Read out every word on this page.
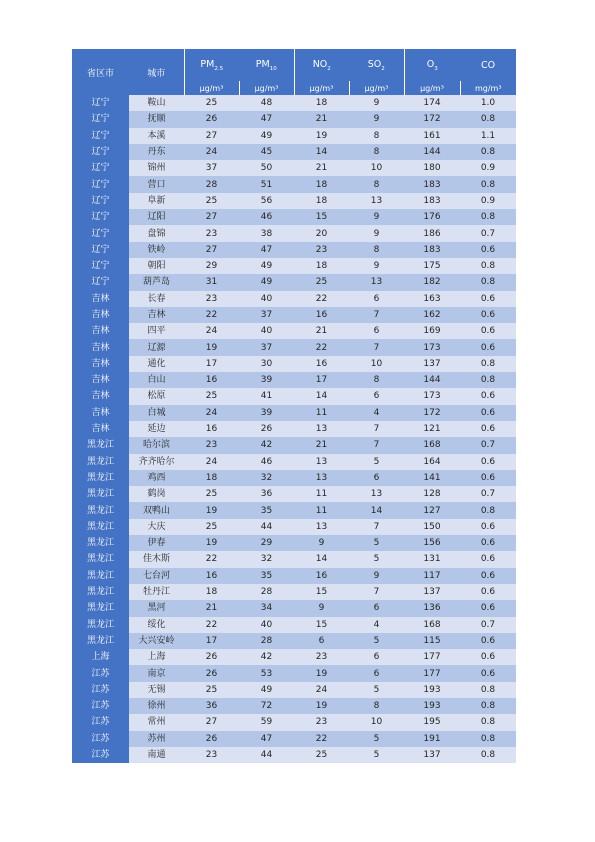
省区市	城市	$PM_{2.5}$	$PM_{10}$	$NO_2$	$SO_2$	$O_3$	CO
		μg/m³	μg/m³	μg/m³	μg/m³	μg/m³	mg/m³
辽宁	鞍山	25	48	18	9	174	1.0
辽宁	抚顺	26	47	21	9	172	0.8
辽宁	本溪	27	49	19	8	161	1.1
辽宁	丹东	24	45	14	8	144	0.8
辽宁	锦州	37	50	21	10	180	0.9
辽宁	营口	28	51	18	8	183	0.8
辽宁	阜新	25	56	18	13	183	0.9
辽宁	辽阳	27	46	15	9	176	0.8
辽宁	盘锦	23	38	20	9	186	0.7
辽宁	铁岭	27	47	23	8	183	0.6
辽宁	朝阳	29	49	18	9	175	0.8
辽宁	葫芦岛	31	49	25	13	182	0.8
吉林	长春	23	40	22	6	163	0.6
吉林	吉林	22	37	16	7	162	0.6
吉林	四平	24	40	21	6	169	0.6
吉林	辽源	19	37	22	7	173	0.6
吉林	通化	17	30	16	10	137	0.8
吉林	白山	16	39	17	8	144	0.8
吉林	松原	25	41	14	6	173	0.6
吉林	白城	24	39	11	4	172	0.6
吉林	延边	16	26	13	7	121	0.6
黑龙江	哈尔滨	23	42	21	7	168	0.7
黑龙江	齐齐哈尔	24	46	13	5	164	0.6
黑龙江	鸡西	18	32	13	6	141	0.6
黑龙江	鹤岗	25	36	11	13	128	0.7
黑龙江	双鸭山	19	35	11	14	127	0.8
黑龙江	大庆	25	44	13	7	150	0.6
黑龙江	伊春	19	29	9	5	156	0.6
黑龙江	佳木斯	22	32	14	5	131	0.6
黑龙江	七台河	16	35	16	9	117	0.6
黑龙江	牡丹江	18	28	15	7	137	0.6
黑龙江	黑河	21	34	9	6	136	0.6
黑龙江	绥化	22	40	15	4	168	0.7
黑龙江	大兴安岭	17	28	6	5	115	0.6
上海	上海	26	42	23	6	177	0.6
江苏	南京	26	53	19	6	177	0.6
江苏	无锡	25	49	24	5	193	0.8
江苏	徐州	36	72	19	8	193	0.8
江苏	常州	27	59	23	10	195	0.8
江苏	苏州	26	47	22	5	191	0.8
江苏	南通	23	44	25	5	137	0.8
